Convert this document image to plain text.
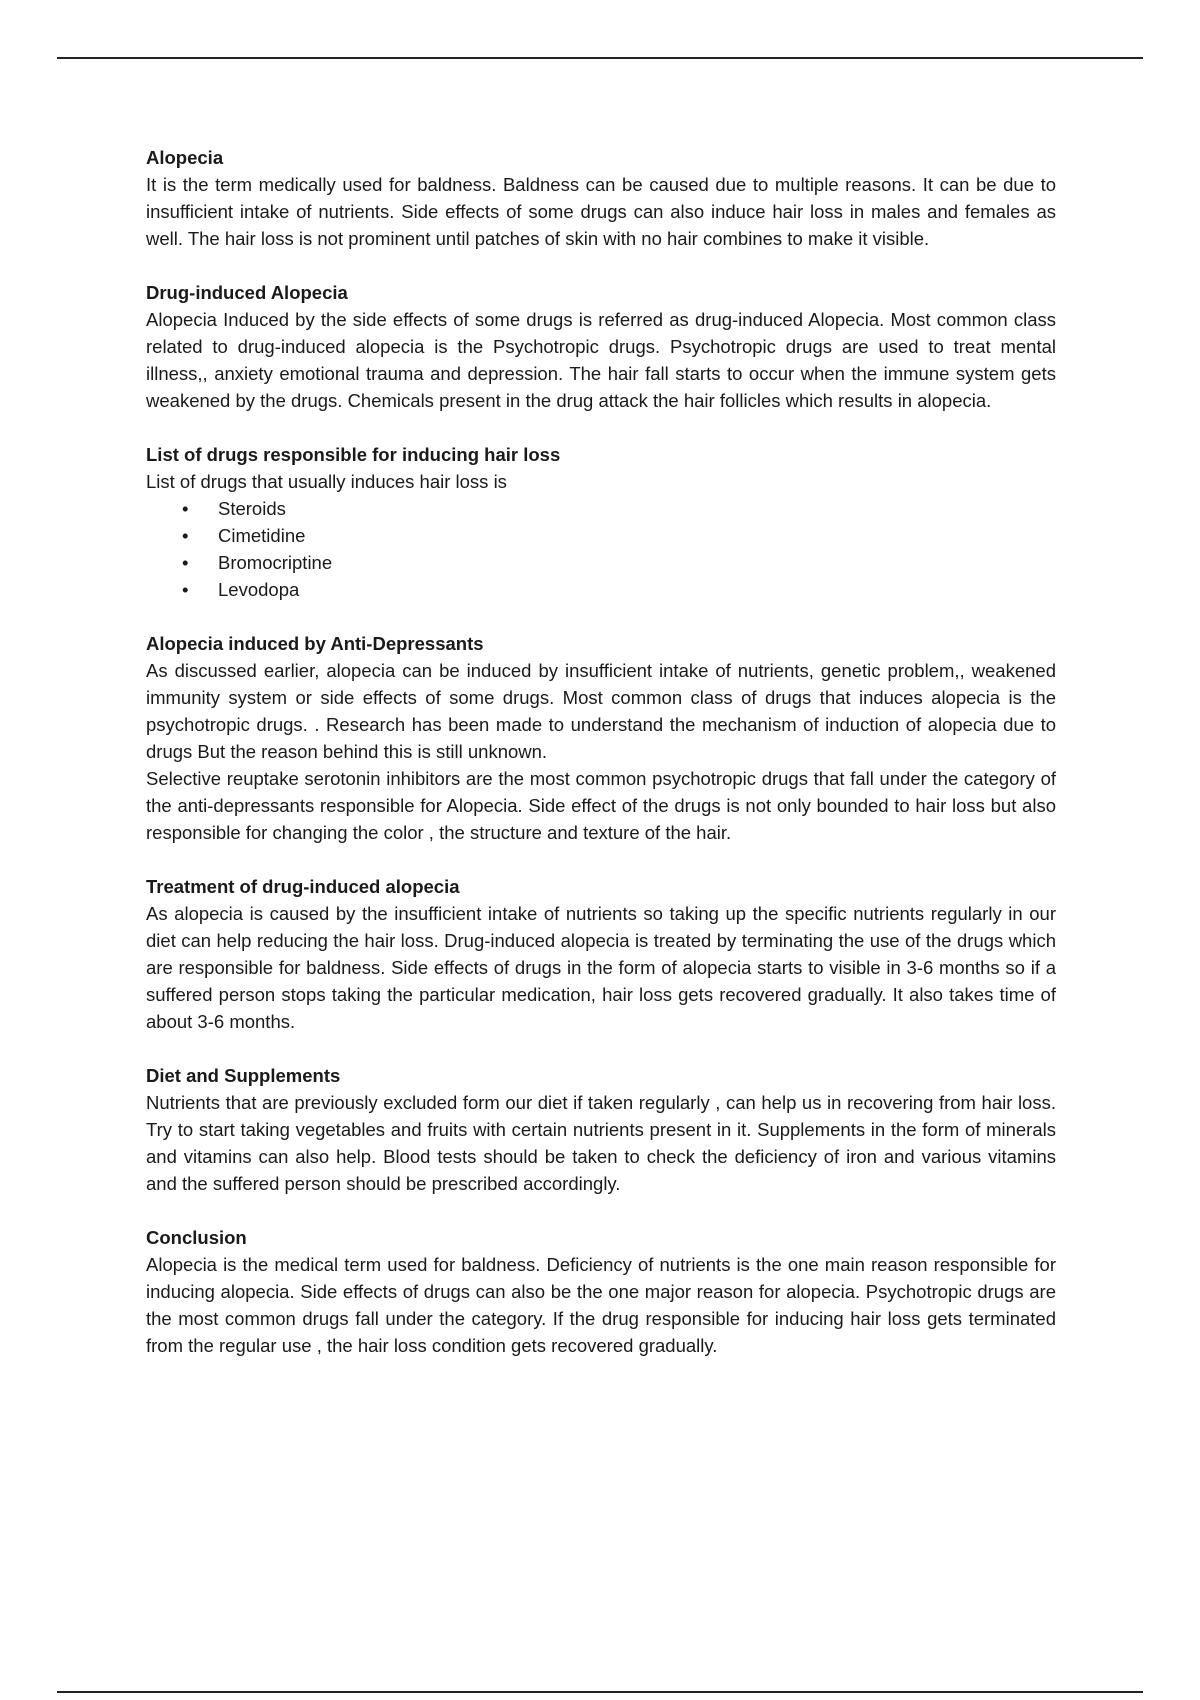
Alopecia

It is the term medically used for baldness. Baldness can be caused due to multiple reasons. It can be due to insufficient intake of nutrients. Side effects of some drugs can also induce hair loss in males and females as well. The hair loss is not prominent until patches of skin with no hair combines to make it visible.

Drug-induced Alopecia

Alopecia Induced by the side effects of some drugs is referred as drug-induced Alopecia. Most common class related to drug-induced alopecia is the Psychotropic drugs. Psychotropic drugs are used to treat mental illness,, anxiety emotional trauma and depression. The hair fall starts to occur when the immune system gets weakened by the drugs. Chemicals present in the drug attack the hair follicles which results in alopecia.

List of drugs responsible for inducing hair loss

List of drugs that usually induces hair loss is

•	Steroids
•	Cimetidine
•	Bromocriptine
•	Levodopa

Alopecia induced by Anti-Depressants

As discussed earlier, alopecia can be induced by insufficient intake of nutrients, genetic problem,, weakened immunity system or side effects of some drugs. Most common class of drugs that induces alopecia is the psychotropic drugs. . Research has been made to understand the mechanism of induction of alopecia due to drugs But the reason behind this is still unknown.

Selective reuptake serotonin inhibitors are the most common psychotropic drugs that fall under the category of the anti-depressants responsible for Alopecia. Side effect of the drugs is not only bounded to hair loss but also responsible for changing the color , the structure and texture of the hair.

Treatment of drug-induced alopecia

As alopecia is caused by the insufficient intake of nutrients so taking up the specific nutrients regularly in our diet can help reducing the hair loss. Drug-induced alopecia is treated by terminating the use of the drugs which are responsible for baldness. Side effects of drugs in the form of alopecia starts to visible in 3-6 months so if a suffered person stops taking the particular medication, hair loss gets recovered gradually. It also takes time of about 3-6 months.

Diet and Supplements

Nutrients that are previously excluded form our diet if taken regularly , can help us in recovering from hair loss. Try to start taking vegetables and fruits with certain nutrients present in it. Supplements in the form of minerals and vitamins can also help. Blood tests should be taken to check the deficiency of iron and various vitamins and the suffered person should be prescribed accordingly.

Conclusion

Alopecia is the medical term used for baldness. Deficiency of nutrients is the one main reason responsible for inducing alopecia. Side effects of drugs can also be the one major reason for alopecia. Psychotropic drugs are the most common drugs fall under the category. If the drug responsible for inducing hair loss gets terminated from the regular use , the hair loss condition gets recovered gradually.
